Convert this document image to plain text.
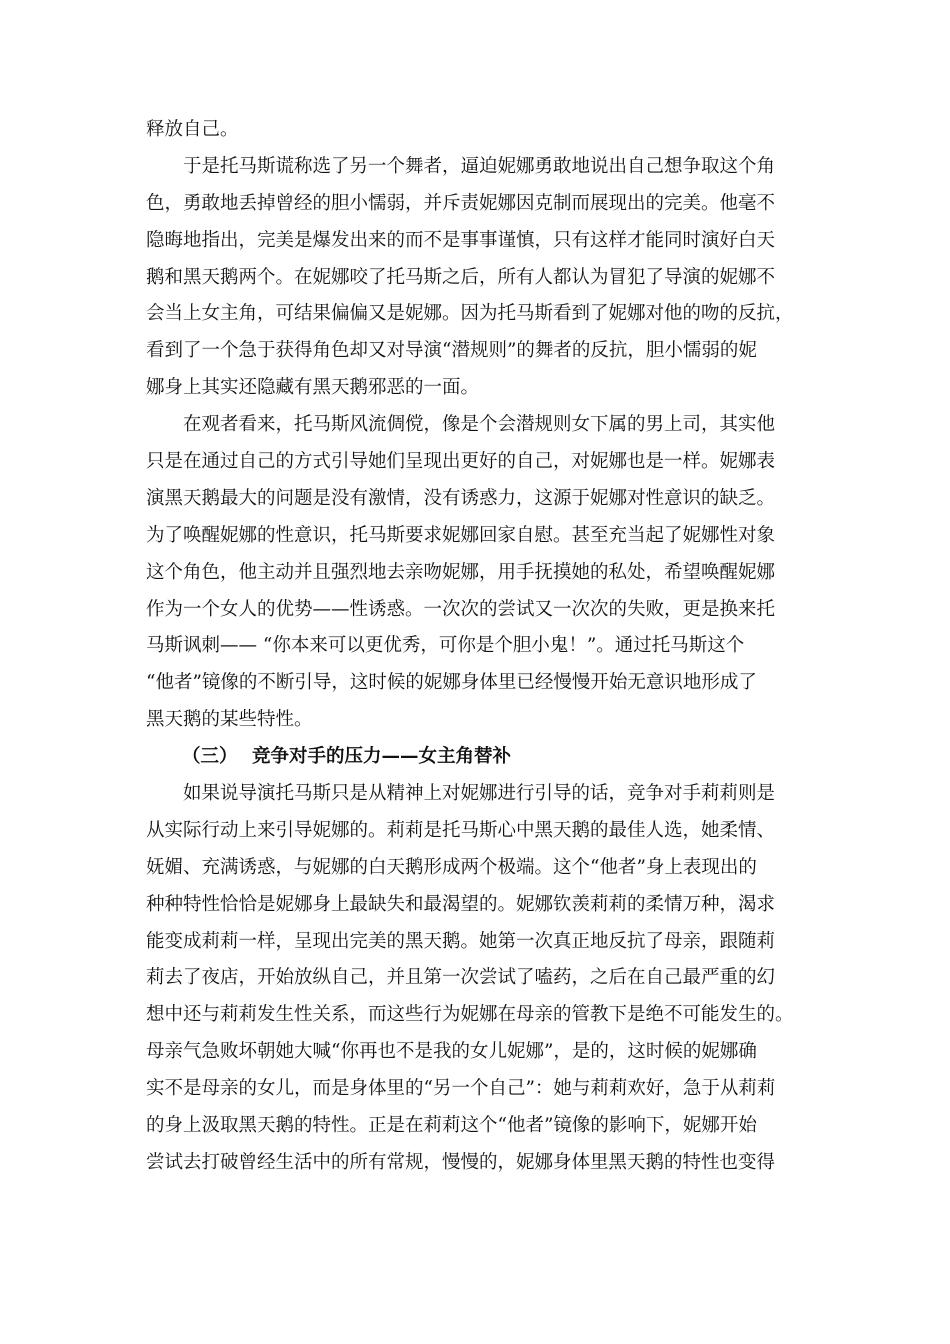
释放自己。
于是托马斯谎称选了另一个舞者，逼迫妮娜勇敢地说出自己想争取这个角
色，勇敢地丢掉曾经的胆小懦弱，并斥责妮娜因克制而展现出的完美。他毫不
隐晦地指出，完美是爆发出来的而不是事事谨慎，只有这样才能同时演好白天
鹅和黑天鹅两个。在妮娜咬了托马斯之后，所有人都认为冒犯了导演的妮娜不
会当上女主角，可结果偏偏又是妮娜。因为托马斯看到了妮娜对他的吻的反抗，
看到了一个急于获得角色却又对导演“潜规则”的舞者的反抗，胆小懦弱的妮
娜身上其实还隐藏有黑天鹅邪恶的一面。
在观者看来，托马斯风流倜傥，像是个会潜规则女下属的男上司，其实他
只是在通过自己的方式引导她们呈现出更好的自己，对妮娜也是一样。妮娜表
演黑天鹅最大的问题是没有激情，没有诱惑力，这源于妮娜对性意识的缺乏。
为了唤醒妮娜的性意识，托马斯要求妮娜回家自慰。甚至充当起了妮娜性对象
这个角色，他主动并且强烈地去亲吻妮娜，用手抚摸她的私处，希望唤醒妮娜
作为一个女人的优势——性诱惑。一次次的尝试又一次次的失败，更是换来托
马斯讽刺—— “你本来可以更优秀，可你是个胆小鬼！”。通过托马斯这个
“他者”镜像的不断引导，这时候的妮娜身体里已经慢慢开始无意识地形成了
黑天鹅的某些特性。
（三） 竞争对手的压力——女主角替补
如果说导演托马斯只是从精神上对妮娜进行引导的话，竞争对手莉莉则是
从实际行动上来引导妮娜的。莉莉是托马斯心中黑天鹅的最佳人选，她柔情、
妩媚、充满诱惑，与妮娜的白天鹅形成两个极端。这个“他者”身上表现出的
种种特性恰恰是妮娜身上最缺失和最渴望的。妮娜钦羡莉莉的柔情万种，渴求
能变成莉莉一样，呈现出完美的黑天鹅。她第一次真正地反抗了母亲，跟随莉
莉去了夜店，开始放纵自己，并且第一次尝试了嗑药，之后在自己最严重的幻
想中还与莉莉发生性关系，而这些行为妮娜在母亲的管教下是绝不可能发生的。
母亲气急败坏朝她大喊“你再也不是我的女儿妮娜”，是的，这时候的妮娜确
实不是母亲的女儿，而是身体里的“另一个自己”：她与莉莉欢好，急于从莉莉
的身上汲取黑天鹅的特性。正是在莉莉这个“他者”镜像的影响下，妮娜开始
尝试去打破曾经生活中的所有常规，慢慢的，妮娜身体里黑天鹅的特性也变得
